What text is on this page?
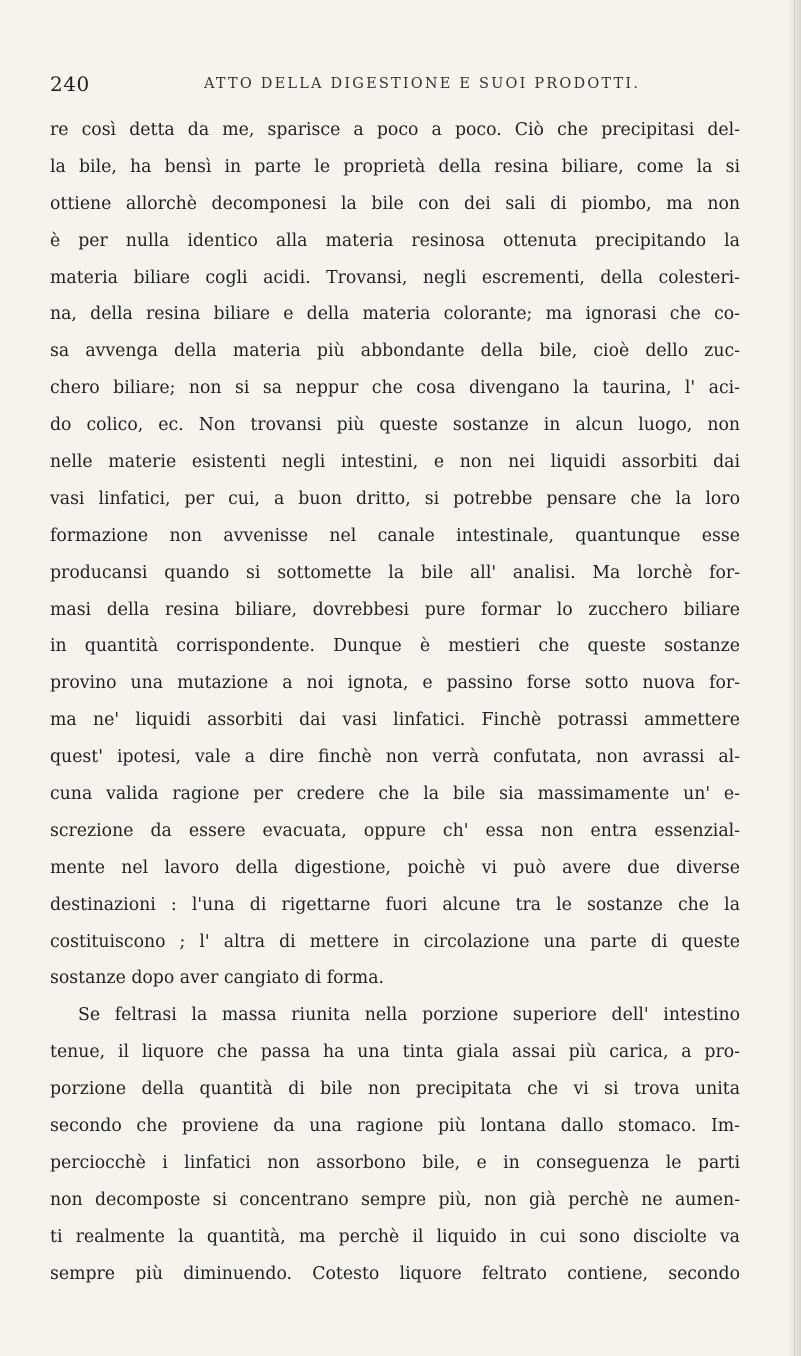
240	ATTO DELLA DIGESTIONE E SUOI PRODOTTI.
re così detta da me, sparisce a poco a poco. Ciò che precipitasi del-
la bile, ha bensì in parte le proprietà della resina biliare, come la si
ottiene allorchè decomponesi la bile con dei sali di piombo, ma non
è per nulla identico alla materia resinosa ottenuta precipitando la
materia biliare cogli acidi. Trovansi, negli escrementi, della colesteri-
na, della resina biliare e della materia colorante; ma ignorasi che co-
sa avvenga della materia più abbondante della bile, cioè dello zuc-
chero biliare; non si sa neppur che cosa divengano la taurina, l' aci-
do colico, ec. Non trovansi più queste sostanze in alcun luogo, non
nelle materie esistenti negli intestini, e non nei liquidi assorbiti dai
vasi linfatici, per cui, a buon dritto, si potrebbe pensare che la loro
formazione non avvenisse nel canale intestinale, quantunque esse
producansi quando si sottomette la bile all' analisi. Ma lorchè for-
masi della resina biliare, dovrebbesi pure formar lo zucchero biliare
in quantità corrispondente. Dunque è mestieri che queste sostanze
provino una mutazione a noi ignota, e passino forse sotto nuova for-
ma ne' liquidi assorbiti dai vasi linfatici. Finchè potrassi ammettere
quest' ipotesi, vale a dire finchè non verrà confutata, non avrassi al-
cuna valida ragione per credere che la bile sia massimamente un' e-
screzione da essere evacuata, oppure ch' essa non entra essenzial-
mente nel lavoro della digestione, poichè vi può avere due diverse
destinazioni : l'una di rigettarne fuori alcune tra le sostanze che la
costituiscono ; l' altra di mettere in circolazione una parte di queste
sostanze dopo aver cangiato di forma.
Se feltrasi la massa riunita nella porzione superiore dell' intestino
tenue, il liquore che passa ha una tinta giala assai più carica, a pro-
porzione della quantità di bile non precipitata che vi si trova unita
secondo che proviene da una ragione più lontana dallo stomaco. Im-
perciocchè i linfatici non assorbono bile, e in conseguenza le parti
non decomposte si concentrano sempre più, non già perchè ne aumen-
ti realmente la quantità, ma perchè il liquido in cui sono disciolte va
sempre più diminuendo. Cotesto liquore feltrato contiene, secondo
